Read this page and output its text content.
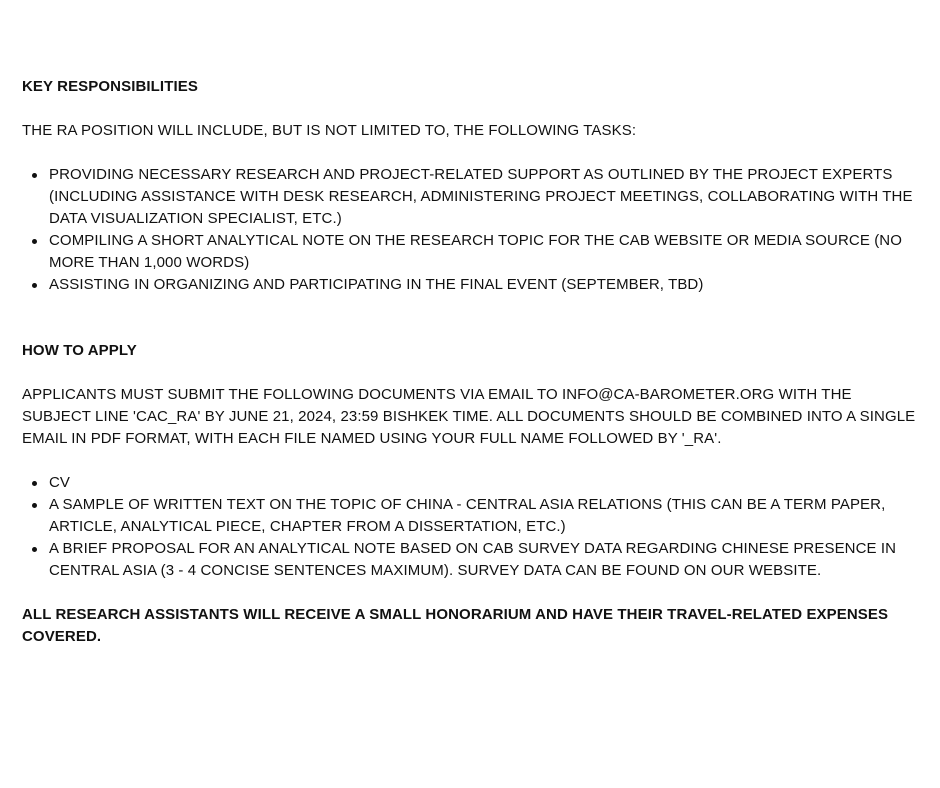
KEY RESPONSIBILITIES

THE RA POSITION WILL INCLUDE, BUT IS NOT LIMITED TO, THE FOLLOWING TASKS:

PROVIDING NECESSARY RESEARCH AND PROJECT-RELATED SUPPORT AS OUTLINED BY THE PROJECT EXPERTS (INCLUDING ASSISTANCE WITH DESK RESEARCH, ADMINISTERING PROJECT MEETINGS, COLLABORATING WITH THE DATA VISUALIZATION SPECIALIST, ETC.)
COMPILING A SHORT ANALYTICAL NOTE ON THE RESEARCH TOPIC FOR THE CAB WEBSITE OR MEDIA SOURCE (NO MORE THAN 1,000 WORDS)
ASSISTING IN ORGANIZING AND PARTICIPATING IN THE FINAL EVENT (SEPTEMBER, TBD)
HOW TO APPLY

APPLICANTS MUST SUBMIT THE FOLLOWING DOCUMENTS VIA EMAIL TO INFO@CA-BAROMETER.ORG WITH THE SUBJECT LINE 'CAC_RA' BY JUNE 21, 2024, 23:59 BISHKEK TIME. ALL DOCUMENTS SHOULD BE COMBINED INTO A SINGLE EMAIL IN PDF FORMAT, WITH EACH FILE NAMED USING YOUR FULL NAME FOLLOWED BY '_RA'.

CV
A SAMPLE OF WRITTEN TEXT ON THE TOPIC OF CHINA - CENTRAL ASIA RELATIONS (THIS CAN BE A TERM PAPER, ARTICLE, ANALYTICAL PIECE, CHAPTER FROM A DISSERTATION, ETC.)
A BRIEF PROPOSAL FOR AN ANALYTICAL NOTE BASED ON CAB SURVEY DATA REGARDING CHINESE PRESENCE IN CENTRAL ASIA (3 - 4 CONCISE SENTENCES MAXIMUM). SURVEY DATA CAN BE FOUND ON OUR WEBSITE.

ALL RESEARCH ASSISTANTS WILL RECEIVE A SMALL HONORARIUM AND HAVE THEIR TRAVEL-RELATED EXPENSES COVERED.
